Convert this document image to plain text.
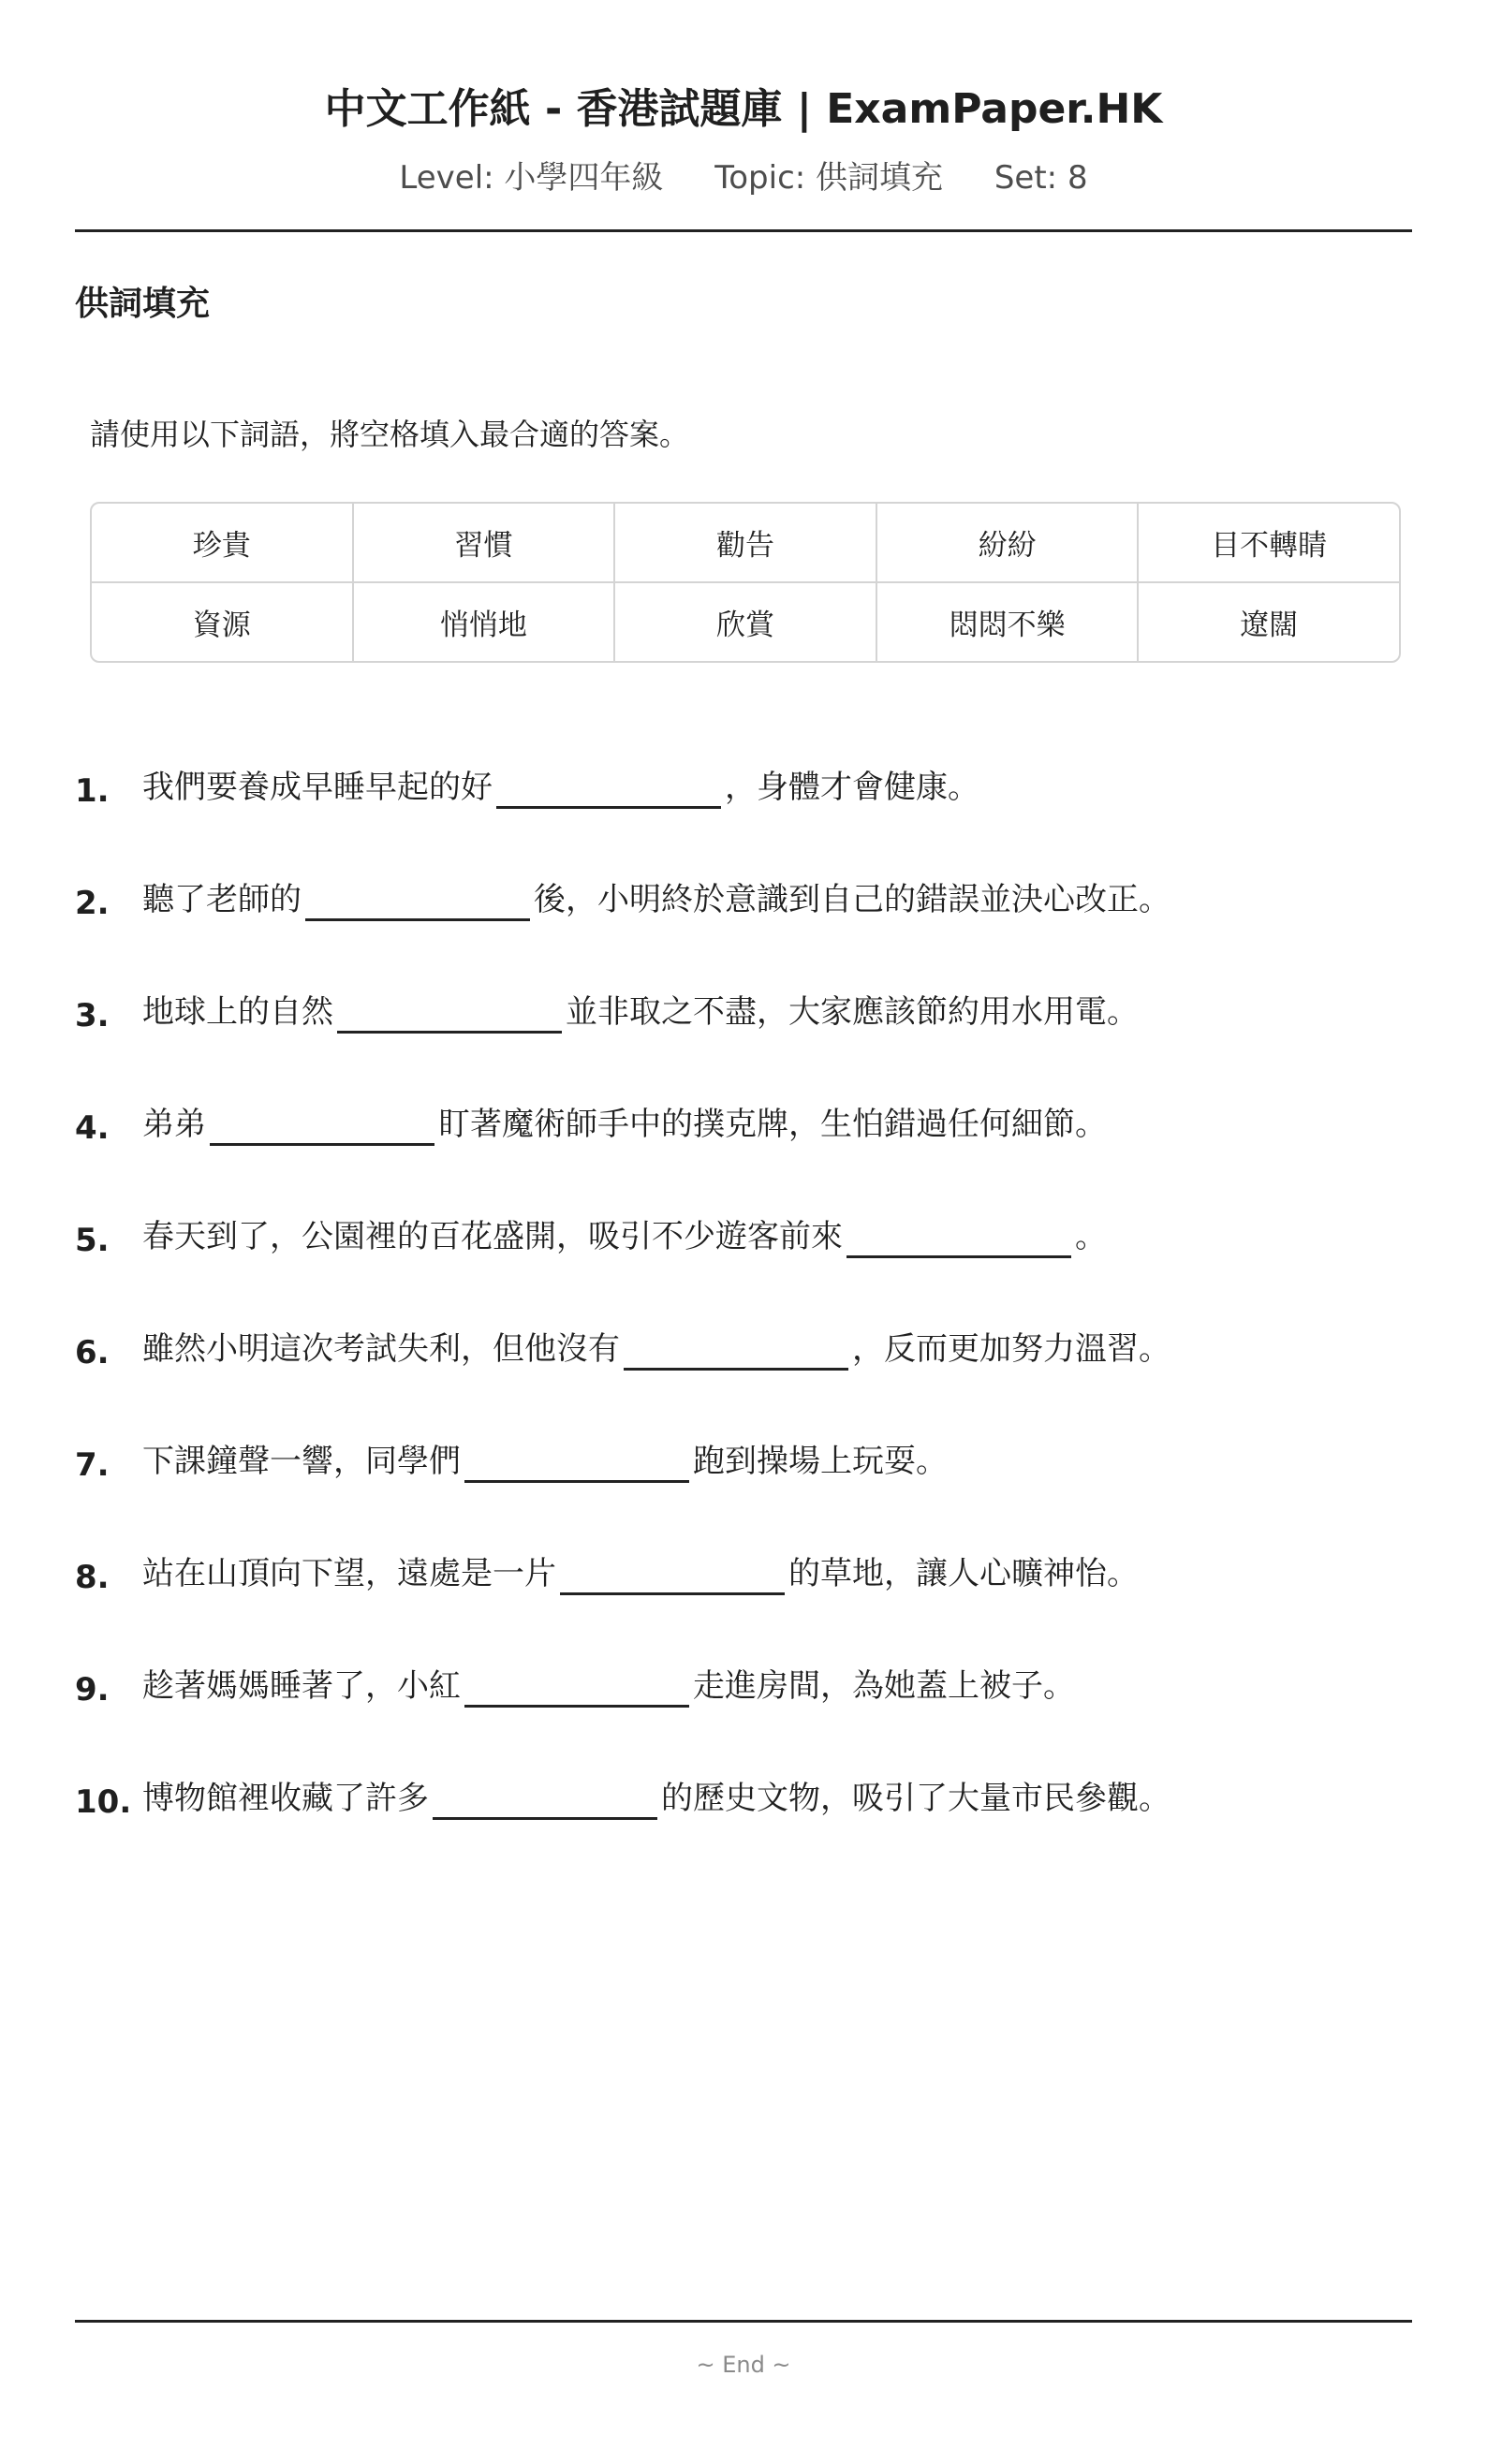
中文工作紙 - 香港試題庫 | ExamPaper.HK
Level: 小學四年級 Topic: 供詞填充 Set: 8
供詞填充
請使用以下詞語，將空格填入最合適的答案。
珍貴	習慣	勸告	紛紛	目不轉睛
資源	悄悄地	欣賞	悶悶不樂	遼闊
1.	我們要養成早睡早起的好	，身體才會健康。
2.	聽了老師的	後，小明終於意識到自己的錯誤並決心改正。
3.	地球上的自然	並非取之不盡，大家應該節約用水用電。
4.	弟弟	盯著魔術師手中的撲克牌，生怕錯過任何細節。
5.	春天到了，公園裡的百花盛開，吸引不少遊客前來	。
6.	雖然小明這次考試失利，但他沒有	，反而更加努力溫習。
7.	下課鐘聲一響，同學們	跑到操場上玩耍。
8.	站在山頂向下望，遠處是一片	的草地，讓人心曠神怡。
9.	趁著媽媽睡著了，小紅	走進房間，為她蓋上被子。
10. 博物館裡收藏了許多	的歷史文物，吸引了大量市民參觀。
~ End ~
